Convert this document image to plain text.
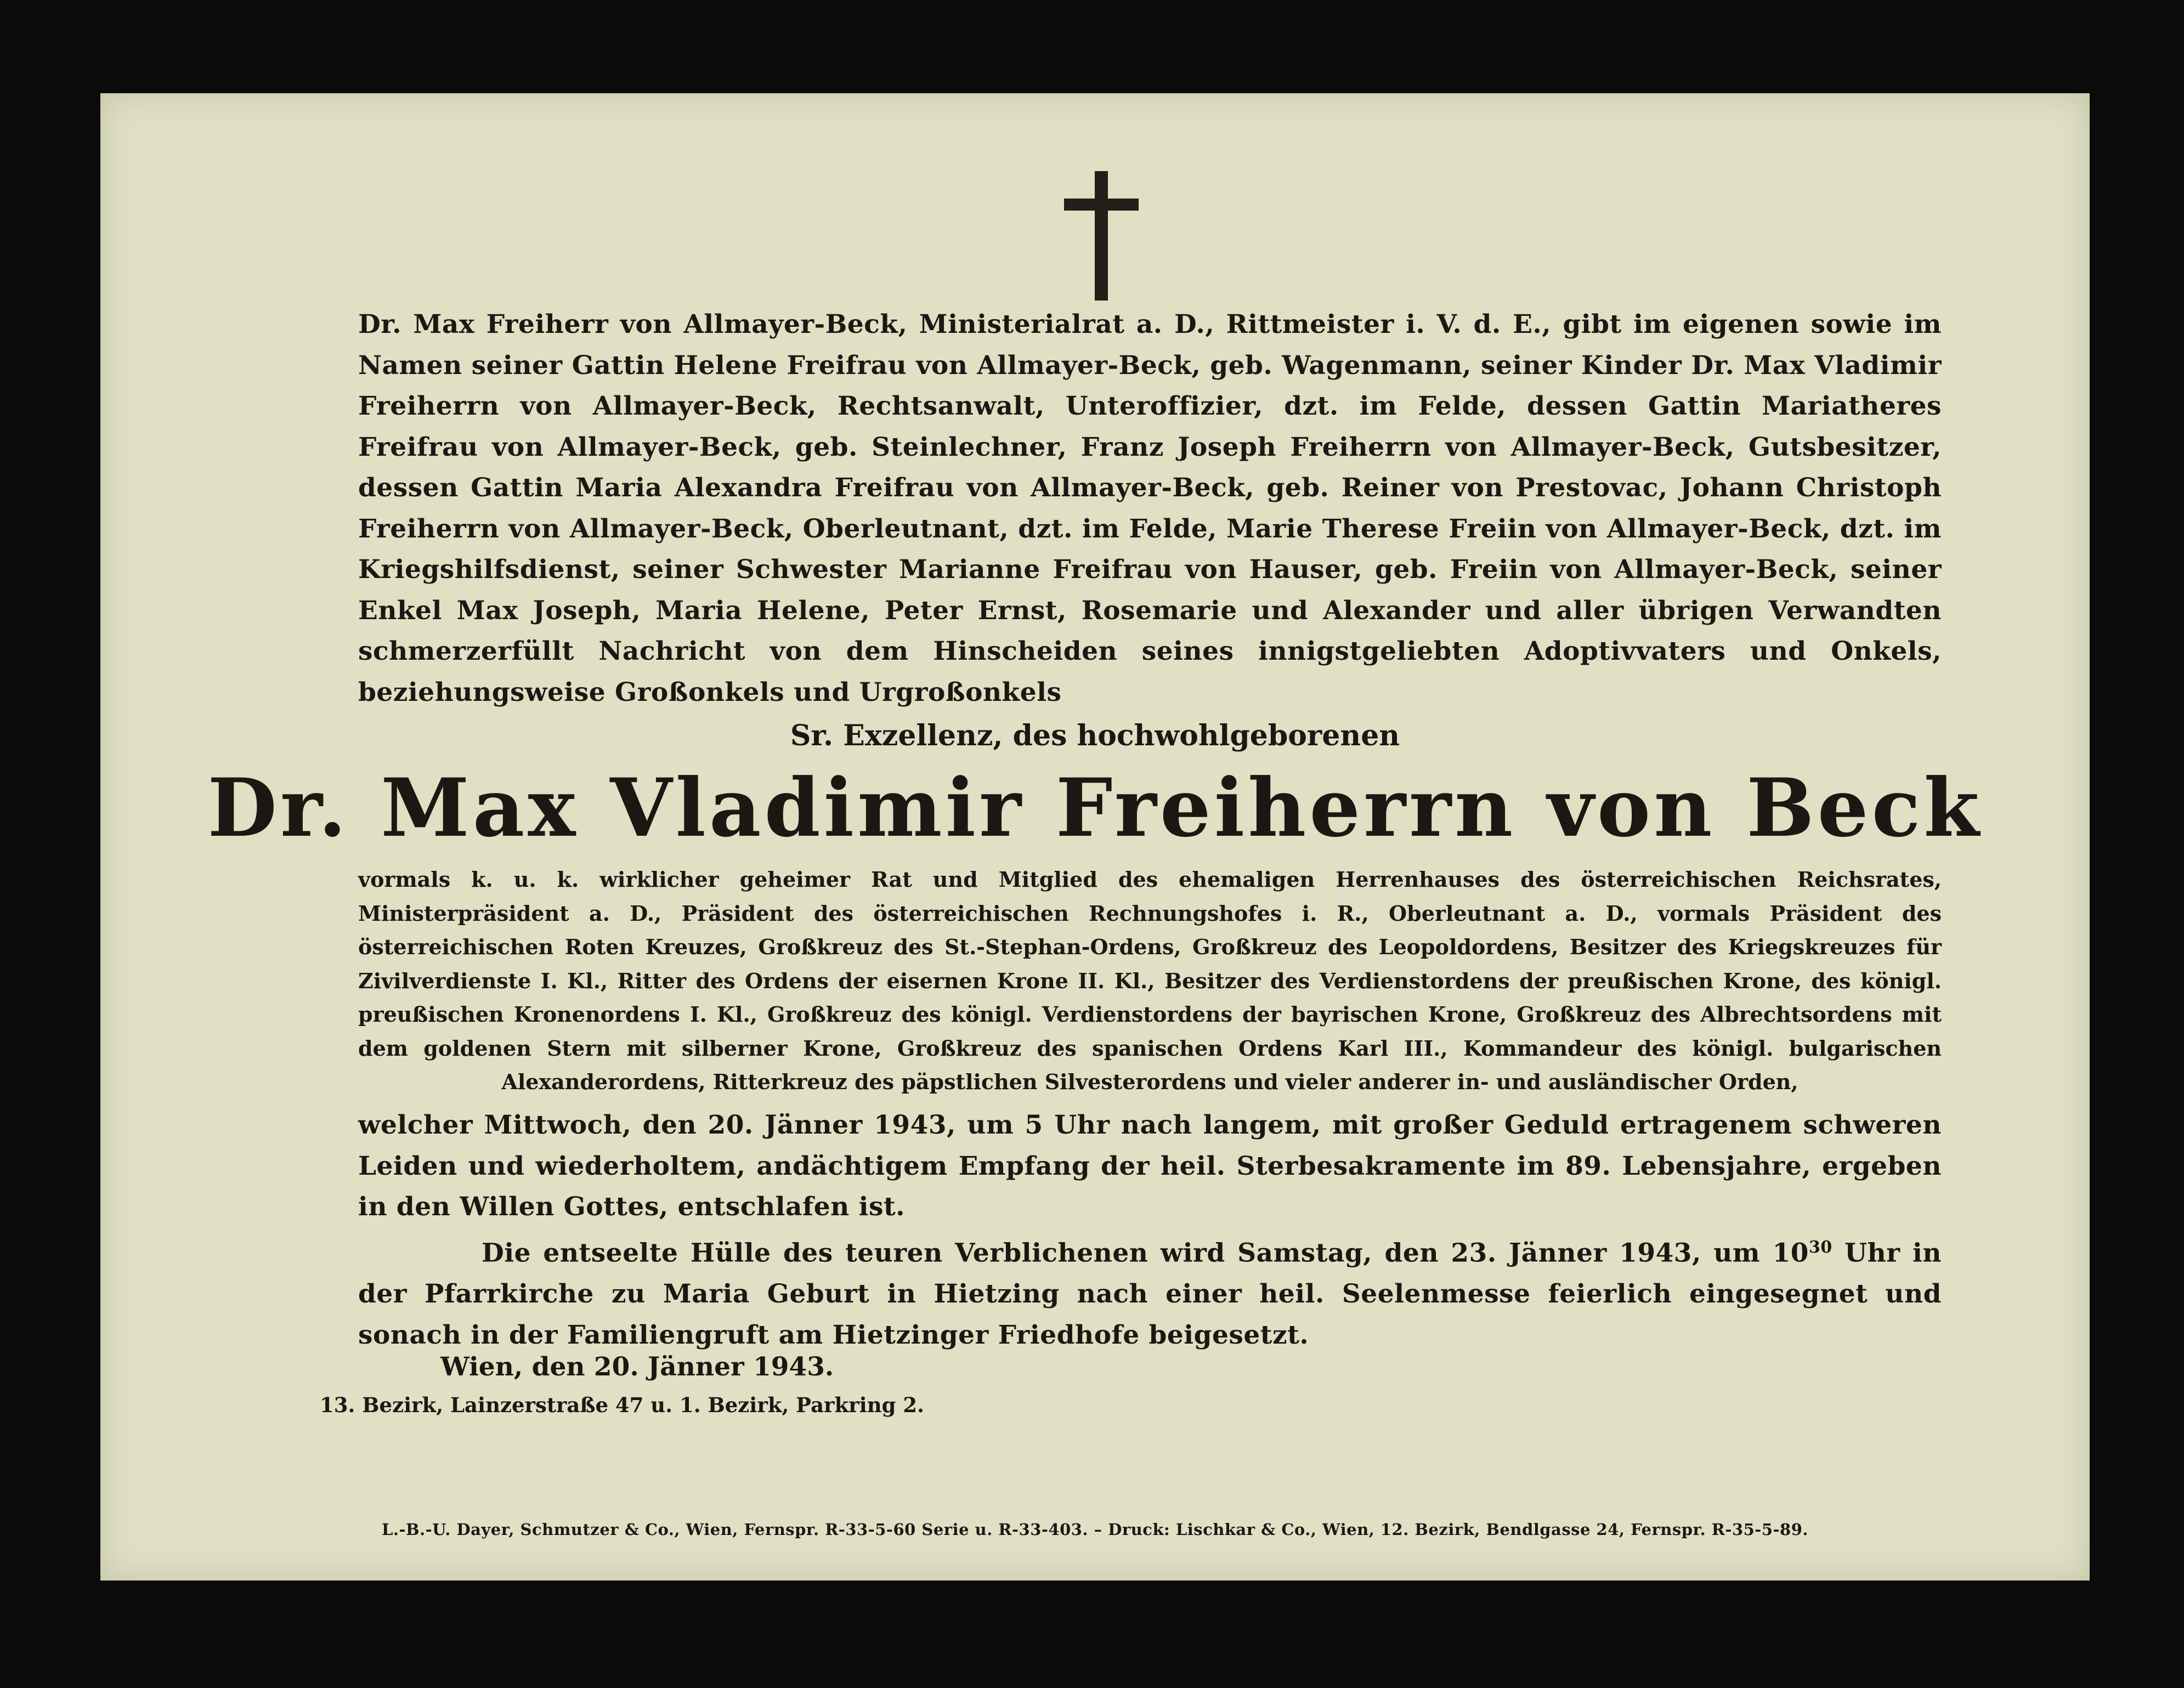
Dr. Max Freiherr von Allmayer-Beck, Ministerialrat a. D., Rittmeister i. V. d. E., gibt im eigenen sowie im Namen seiner Gattin Helene Freifrau von Allmayer-Beck, geb. Wagenmann, seiner Kinder Dr. Max Vladimir Freiherrn von Allmayer-Beck, Rechtsanwalt, Unteroffizier, dzt. im Felde, dessen Gattin Mariatheres Freifrau von Allmayer-Beck, geb. Steinlechner, Franz Joseph Freiherrn von Allmayer-Beck, Gutsbesitzer, dessen Gattin Maria Alexandra Freifrau von Allmayer-Beck, geb. Reiner von Prestovac, Johann Christoph Freiherrn von Allmayer-Beck, Oberleutnant, dzt. im Felde, Marie Therese Freiin von Allmayer-Beck, dzt. im Kriegshilfsdienst, seiner Schwester Marianne Freifrau von Hauser, geb. Freiin von Allmayer-Beck, seiner Enkel Max Joseph, Maria Helene, Peter Ernst, Rosemarie und Alexander und aller übrigen Verwandten schmerzerfüllt Nachricht von dem Hinscheiden seines innigstgeliebten Adoptivvaters und Onkels, beziehungsweise Großonkels und Urgroßonkels
Sr. Exzellenz, des hochwohlgeborenen
Dr. Max Vladimir Freiherrn von Beck
vormals k. u. k. wirklicher geheimer Rat und Mitglied des ehemaligen Herrenhauses des österreichischen Reichsrates, Ministerpräsident a. D., Präsident des österreichischen Rechnungshofes i. R., Oberleutnant a. D., vormals Präsident des österreichischen Roten Kreuzes, Großkreuz des St.-Stephan-Ordens, Großkreuz des Leopoldordens, Besitzer des Kriegskreuzes für Zivilverdienste I. Kl., Ritter des Ordens der eisernen Krone II. Kl., Besitzer des Verdienstordens der preußischen Krone, des königl. preußischen Kronenordens I. Kl., Großkreuz des königl. Verdienstordens der bayrischen Krone, Großkreuz des Albrechtsordens mit dem goldenen Stern mit silberner Krone, Großkreuz des spanischen Ordens Karl III., Kommandeur des königl. bulgarischen Alexanderordens, Ritterkreuz des päpstlichen Silvesterordens und vieler anderer in- und ausländischer Orden,
welcher Mittwoch, den 20. Jänner 1943, um 5 Uhr nach langem, mit großer Geduld ertragenem schweren Leiden und wiederholtem, andächtigem Empfang der heil. Sterbesakramente im 89. Lebensjahre, ergeben in den Willen Gottes, entschlafen ist.
Die entseelte Hülle des teuren Verblichenen wird Samstag, den 23. Jänner 1943, um $10^{30}$ Uhr in der Pfarrkirche zu Maria Geburt in Hietzing nach einer heil. Seelenmesse feierlich eingesegnet und sonach in der Familiengruft am Hietzinger Friedhofe beigesetzt.
Wien, den 20. Jänner 1943.
13. Bezirk, Lainzerstraße 47 u. 1. Bezirk, Parkring 2.
L.-B.-U. Dayer, Schmutzer & Co., Wien, Fernspr. R-33-5-60 Serie u. R-33-403. – Druck: Lischkar & Co., Wien, 12. Bezirk, Bendlgasse 24, Fernspr. R-35-5-89.
